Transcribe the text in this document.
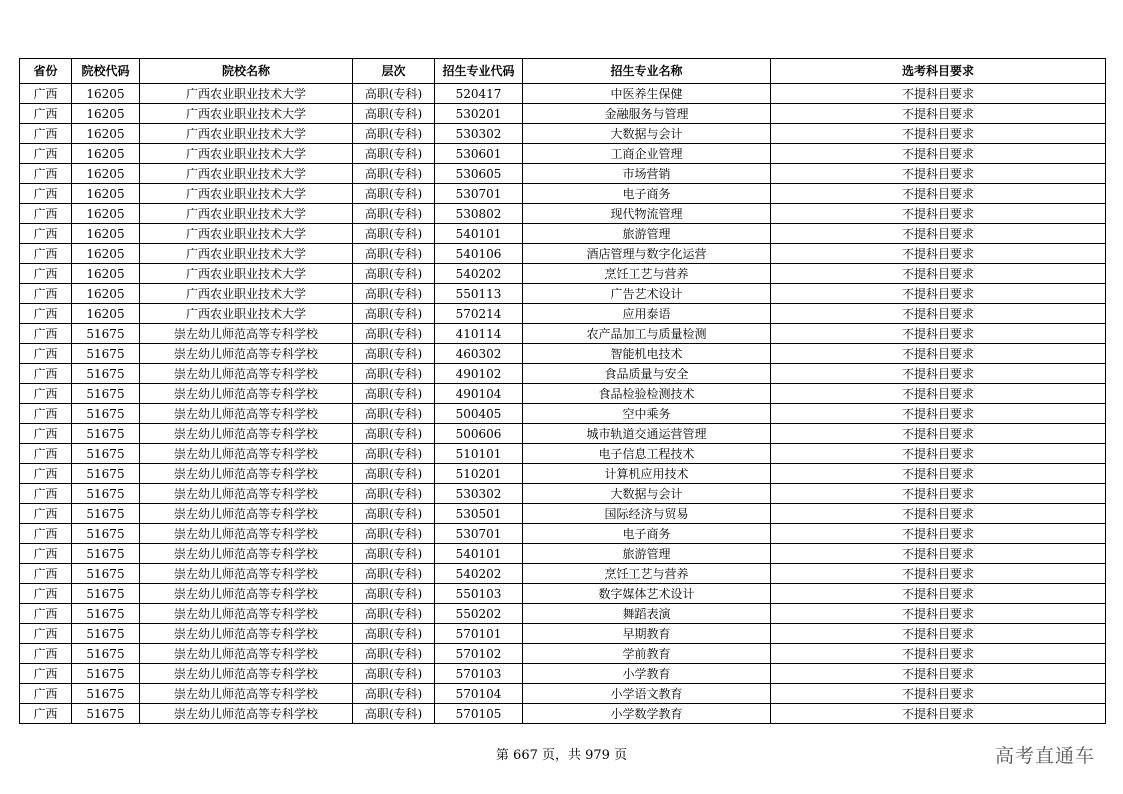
省份	院校代码	院校名称	层次	招生专业代码	招生专业名称	选考科目要求
广西	16205	广西农业职业技术大学	高职(专科)	520417	中医养生保健	不提科目要求
广西	16205	广西农业职业技术大学	高职(专科)	530201	金融服务与管理	不提科目要求
广西	16205	广西农业职业技术大学	高职(专科)	530302	大数据与会计	不提科目要求
广西	16205	广西农业职业技术大学	高职(专科)	530601	工商企业管理	不提科目要求
广西	16205	广西农业职业技术大学	高职(专科)	530605	市场营销	不提科目要求
广西	16205	广西农业职业技术大学	高职(专科)	530701	电子商务	不提科目要求
广西	16205	广西农业职业技术大学	高职(专科)	530802	现代物流管理	不提科目要求
广西	16205	广西农业职业技术大学	高职(专科)	540101	旅游管理	不提科目要求
广西	16205	广西农业职业技术大学	高职(专科)	540106	酒店管理与数字化运营	不提科目要求
广西	16205	广西农业职业技术大学	高职(专科)	540202	烹饪工艺与营养	不提科目要求
广西	16205	广西农业职业技术大学	高职(专科)	550113	广告艺术设计	不提科目要求
广西	16205	广西农业职业技术大学	高职(专科)	570214	应用泰语	不提科目要求
广西	51675	崇左幼儿师范高等专科学校	高职(专科)	410114	农产品加工与质量检测	不提科目要求
广西	51675	崇左幼儿师范高等专科学校	高职(专科)	460302	智能机电技术	不提科目要求
广西	51675	崇左幼儿师范高等专科学校	高职(专科)	490102	食品质量与安全	不提科目要求
广西	51675	崇左幼儿师范高等专科学校	高职(专科)	490104	食品检验检测技术	不提科目要求
广西	51675	崇左幼儿师范高等专科学校	高职(专科)	500405	空中乘务	不提科目要求
广西	51675	崇左幼儿师范高等专科学校	高职(专科)	500606	城市轨道交通运营管理	不提科目要求
广西	51675	崇左幼儿师范高等专科学校	高职(专科)	510101	电子信息工程技术	不提科目要求
广西	51675	崇左幼儿师范高等专科学校	高职(专科)	510201	计算机应用技术	不提科目要求
广西	51675	崇左幼儿师范高等专科学校	高职(专科)	530302	大数据与会计	不提科目要求
广西	51675	崇左幼儿师范高等专科学校	高职(专科)	530501	国际经济与贸易	不提科目要求
广西	51675	崇左幼儿师范高等专科学校	高职(专科)	530701	电子商务	不提科目要求
广西	51675	崇左幼儿师范高等专科学校	高职(专科)	540101	旅游管理	不提科目要求
广西	51675	崇左幼儿师范高等专科学校	高职(专科)	540202	烹饪工艺与营养	不提科目要求
广西	51675	崇左幼儿师范高等专科学校	高职(专科)	550103	数字媒体艺术设计	不提科目要求
广西	51675	崇左幼儿师范高等专科学校	高职(专科)	550202	舞蹈表演	不提科目要求
广西	51675	崇左幼儿师范高等专科学校	高职(专科)	570101	早期教育	不提科目要求
广西	51675	崇左幼儿师范高等专科学校	高职(专科)	570102	学前教育	不提科目要求
广西	51675	崇左幼儿师范高等专科学校	高职(专科)	570103	小学教育	不提科目要求
广西	51675	崇左幼儿师范高等专科学校	高职(专科)	570104	小学语文教育	不提科目要求
广西	51675	崇左幼儿师范高等专科学校	高职(专科)	570105	小学数学教育	不提科目要求
第 667 页，共 979 页	高考直通车
